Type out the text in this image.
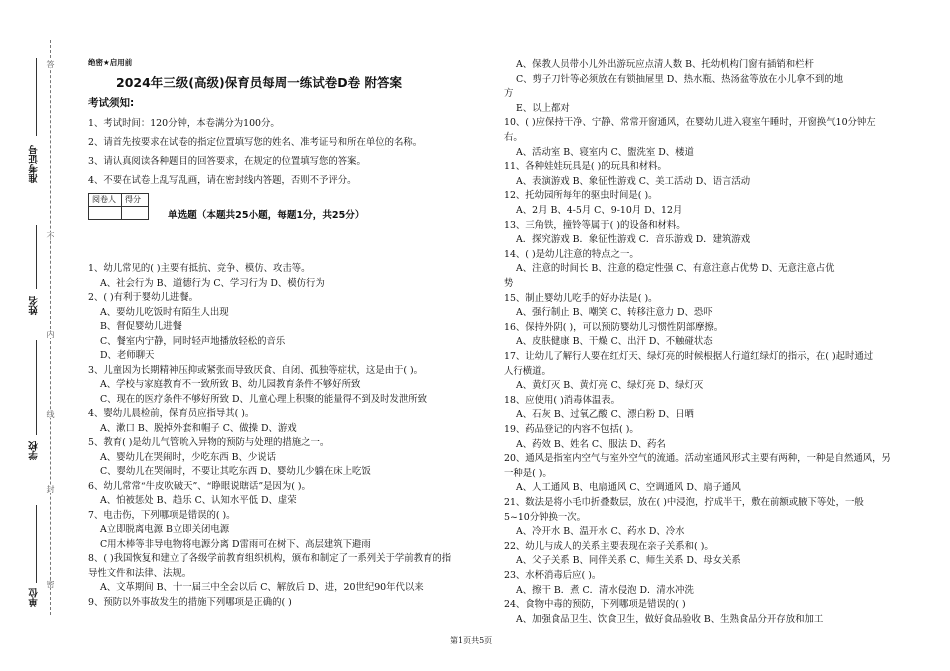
准考证号
姓名
学校
单位
答
不
内
线
封
密
绝密★启用前
2024年三级(高级)保育员每周一练试卷D卷 附答案
考试须知:
1、考试时间：120分钟，本卷满分为100分。
2、请首先按要求在试卷的指定位置填写您的姓名、准考证号和所在单位的名称。
3、请认真阅读各种题目的回答要求，在规定的位置填写您的答案。
4、不要在试卷上乱写乱画，请在密封线内答题，否则不予评分。
阅卷人	得分

单选题（本题共25小题，每题1分，共25分）
1、幼儿常见的( )主要有抵抗、竞争、模仿、攻击等。
A、社会行为 B、道德行为 C、学习行为 D、模仿行为
2、( )有利于婴幼儿进餐。
A、要幼儿吃饭时有陌生人出现
B、督促婴幼儿进餐
C、餐室内宁静，同时轻声地播放轻松的音乐
D、老师聊天
3、儿童因为长期精神压抑或紧张而导致厌食、自闭、孤独等症状，这是由于( )。
A、学校与家庭教育不一致所致 B、幼儿园教育条件不够好所致
C、现在的医疗条件不够好所致 D、儿童心理上积聚的能量得不到及时发泄所致
4、婴幼儿晨检前，保育员应指导其( )。
A、漱口 B、脱掉外套和帽子 C、做操 D、游戏
5、教育( )是幼儿气管吮入异物的预防与处理的措施之一。
A、婴幼儿在哭闹时，少吃东西 B、少说话
C、婴幼儿在哭闹时，不要让其吃东西 D、婴幼儿少躺在床上吃饭
6、幼儿常常“牛皮吹破天”、“睁眼说瞎话”是因为( )。
A、怕被惩处 B、趋乐 C、认知水平低 D、虚荣
7、电击伤，下列哪项是错误的( )。
A立即脱离电源 B立即关闭电源
C用木棒等非导电物将电源分离 D雷雨可在树下、高层建筑下避雨
8、( )我国恢复和建立了各级学前教育组织机构，颁布和制定了一系列关于学前教育的指
导性文件和法律、法规。
A、文革期间 B、十一届三中全会以后 C、解放后 D、进，20世纪90年代以来
9、预防以外事故发生的措施下列哪项是正确的( )
A、保教人员带小儿外出游玩应点清人数 B、托幼机构门窗有插销和栏杆
C、剪子刀针等必须放在有锁抽屉里 D、热水瓶、热汤盆等放在小儿拿不到的地
方
E、以上都对
10、( )应保持干净、宁静、常常开窗通风，在婴幼儿进入寝室午睡时，开窗换气10分钟左
右。
A、活动室 B、寝室内 C、盥洗室 D、楼道
11、各种娃娃玩具是( )的玩具和材料。
A、表演游戏 B、象征性游戏 C、美工活动 D、语言活动
12、托幼园所每年的驱虫时间是( )。
A、2月 B、4-5月 C、9-10月 D、12月
13、三角铁，撞铃等属于( )的设备和材料。
A．探究游戏 B．象征性游戏 C．音乐游戏 D．建筑游戏
14、( )是幼儿注意的特点之一。
A、注意的时间长 B、注意的稳定性强 C、有意注意占优势 D、无意注意占优
势
15、制止婴幼儿吃手的好办法是( )。
A、强行制止 B、嘲笑 C、转移注意力 D、恐吓
16、保持外阴( )，可以预防婴幼儿习惯性阴部摩擦。
A、皮肤健康 B、干燥 C、出汗 D、不触碰状态
17、让幼儿了解行人要在红灯天、绿灯亮的时候根据人行道红绿灯的指示，在( )起时通过
人行横道。
A、黄灯灭 B、黄灯亮 C、绿灯亮 D、绿灯灭
18、应使用( )消毒体温表。
A、石灰 B、过氧乙酸 C、漂白粉 D、日晒
19、药品登记的内容不包括( )。
A、药效 B、姓名 C、服法 D、药名
20、通风是指室内空气与室外空气的流通。活动室通风形式主要有两种，一种是自然通风，另
一种是( )。
A、人工通风 B、电扇通风 C、空调通风 D、扇子通风
21、数法是将小毛巾折叠数层，放在( )中浸泡，拧成半干，敷在前额或腋下等处，一般
5~10分钟换一次。
A、冷开水 B、温开水 C、药水 D、冷水
22、幼儿与成人的关系主要表现在亲子关系和( )。
A、父子关系 B、同伴关系 C、师生关系 D、母女关系
23、水杯消毒后应( )。
A、擦干 B．煮 C．清水侵泡 D．清水冲洗
24、食物中毒的预防，下列哪项是错误的( )
A、加强食品卫生、饮食卫生，做好食品验收 B、生熟食品分开存放和加工
第1页共5页
